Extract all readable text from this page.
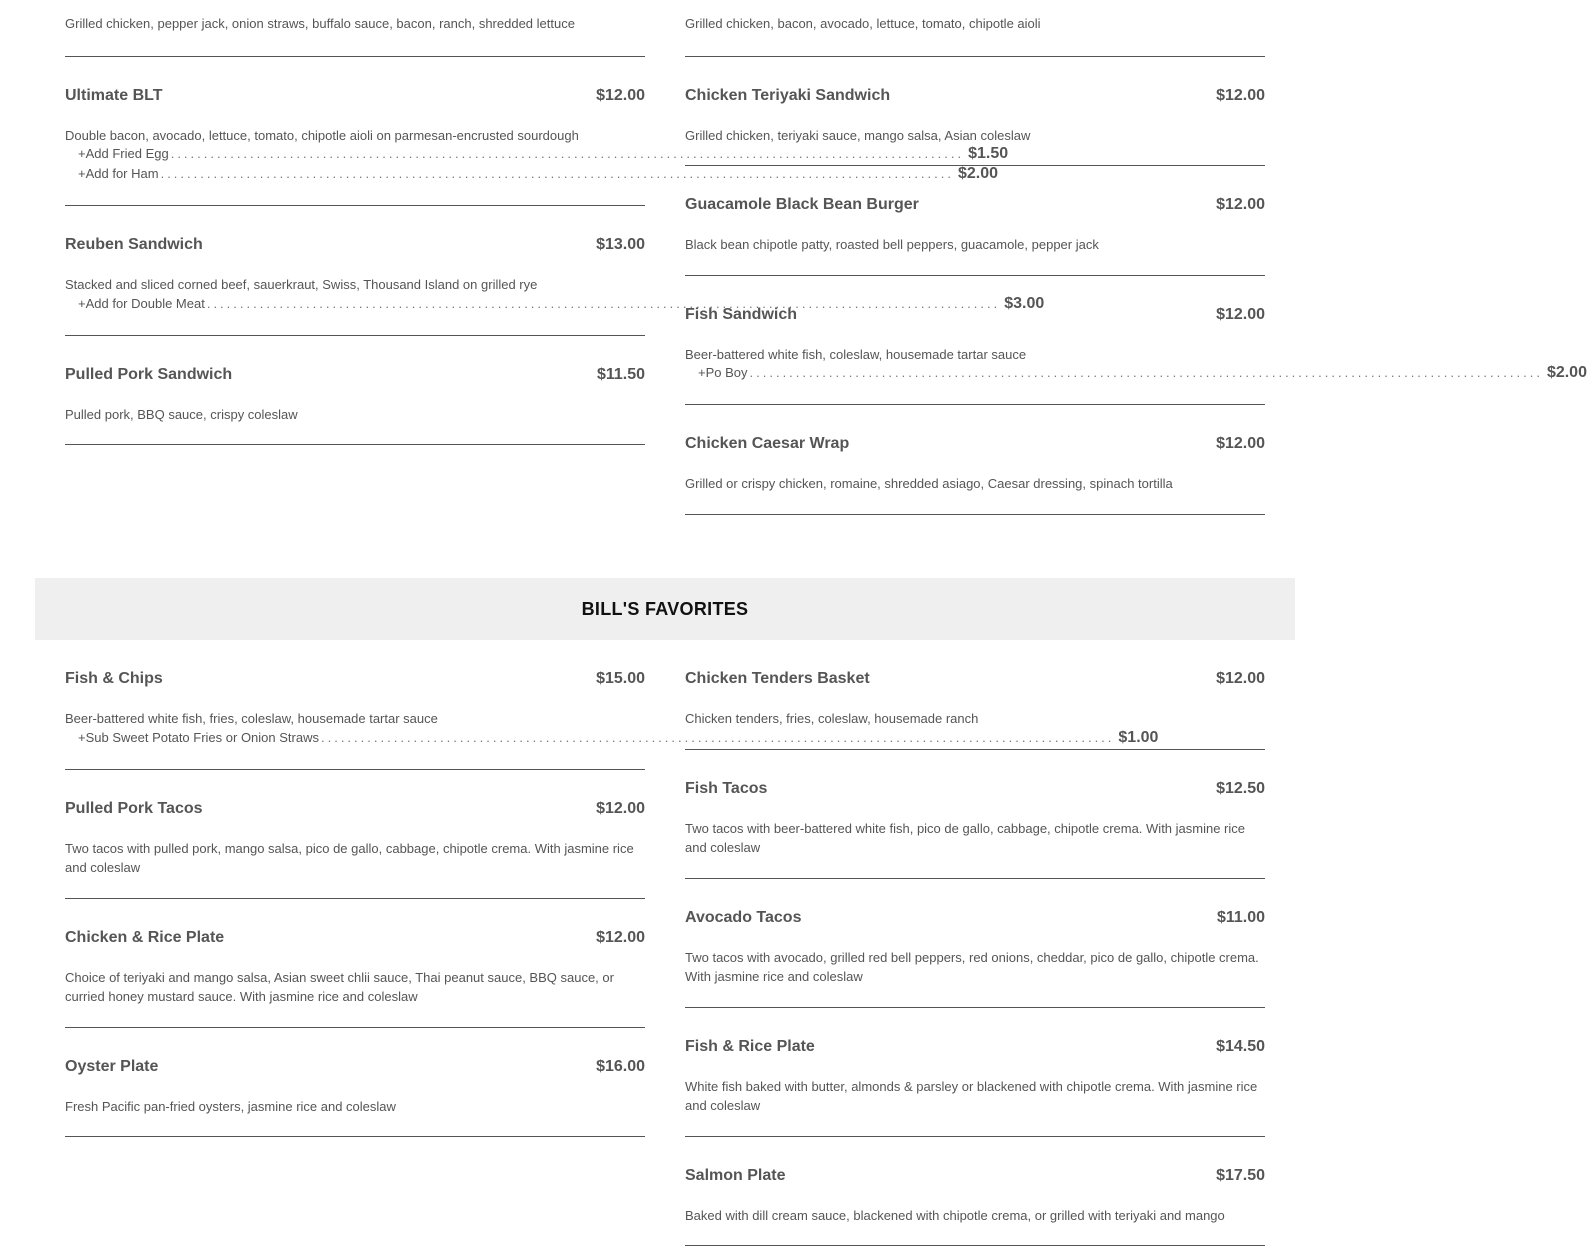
Grilled chicken, pepper jack, onion straws, buffalo sauce, bacon, ranch, shredded lettuce
Ultimate BLT	$12.00
Double bacon, avocado, lettuce, tomato, chipotle aioli on parmesan-encrusted sourdough
+ Add Fried Egg ........................................................................................................................ $1.50
+ Add for Ham ........................................................................................................................ $2.00
Reuben Sandwich	$13.00
Stacked and sliced corned beef, sauerkraut, Swiss, Thousand Island on grilled rye
+ Add for Double Meat ........................................................................................................................ $3.00
Pulled Pork Sandwich	$11.50
Pulled pork, BBQ sauce, crispy coleslaw
Grilled chicken, bacon, avocado, lettuce, tomato, chipotle aioli
Chicken Teriyaki Sandwich	$12.00
Grilled chicken, teriyaki sauce, mango salsa, Asian coleslaw
Guacamole Black Bean Burger	$12.00
Black bean chipotle patty, roasted bell peppers, guacamole, pepper jack
Fish Sandwich	$12.00
Beer-battered white fish, coleslaw, housemade tartar sauce
+ Po Boy ........................................................................................................................ $2.00
Chicken Caesar Wrap	$12.00
Grilled or crispy chicken, romaine, shredded asiago, Caesar dressing, spinach tortilla
BILL'S FAVORITES
Fish & Chips	$15.00
Beer-battered white fish, fries, coleslaw, housemade tartar sauce
+ Sub Sweet Potato Fries or Onion Straws ........................................................................................................................ $1.00
Pulled Pork Tacos	$12.00
Two tacos with pulled pork, mango salsa, pico de gallo, cabbage, chipotle crema. With jasmine rice and coleslaw
Chicken & Rice Plate	$12.00
Choice of teriyaki and mango salsa, Asian sweet chlii sauce, Thai peanut sauce, BBQ sauce, or curried honey mustard sauce. With jasmine rice and coleslaw
Oyster Plate	$16.00
Fresh Pacific pan-fried oysters, jasmine rice and coleslaw
Chicken Tenders Basket	$12.00
Chicken tenders, fries, coleslaw, housemade ranch
Fish Tacos	$12.50
Two tacos with beer-battered white fish, pico de gallo, cabbage, chipotle crema. With jasmine rice and coleslaw
Avocado Tacos	$11.00
Two tacos with avocado, grilled red bell peppers, red onions, cheddar, pico de gallo, chipotle crema. With jasmine rice and coleslaw
Fish & Rice Plate	$14.50
White fish baked with butter, almonds & parsley or blackened with chipotle crema. With jasmine rice and coleslaw
Salmon Plate	$17.50
Baked with dill cream sauce, blackened with chipotle crema, or grilled with teriyaki and mango
